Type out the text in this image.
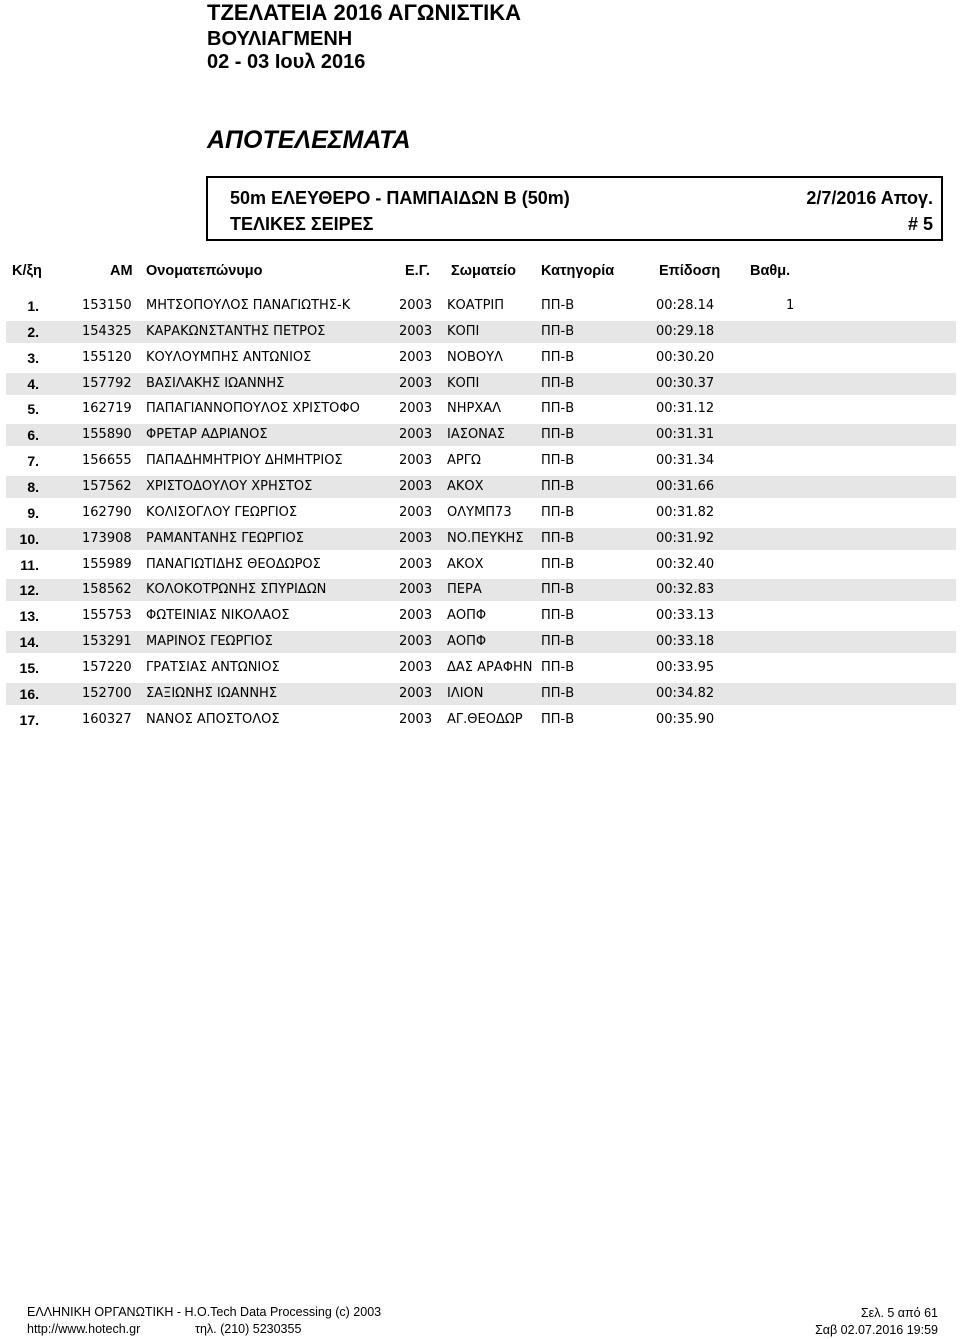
ΤΖΕΛΑΤΕΙΑ 2016 ΑΓΩΝΙΣΤΙΚΑ
ΒΟΥΛΙΑΓΜΕΝΗ
02 - 03 Ιουλ 2016
ΑΠΟΤΕΛΕΣΜΑΤΑ
50m ΕΛΕΥΘΕΡΟ - ΠΑΜΠΑΙΔΩΝ Β (50m)	2/7/2016 Απογ.
ΤΕΛΙΚΕΣ ΣΕΙΡΕΣ	# 5
Κ/ξη	ΑΜ Ονοματεπώνυμο	Ε.Γ. Σωματείο Κατηγορία	Επίδοση Βαθμ.
1.	153150 ΜΗΤΣΟΠΟΥΛΟΣ ΠΑΝΑΓΙΩΤΗΣ-Κ	2003 ΚΟΑΤΡΙΠ	ΠΠ-Β	00:28.14	1
2.	154325 ΚΑΡΑΚΩΝΣΤΑΝΤΗΣ ΠΕΤΡΟΣ	2003 ΚΟΠΙ	ΠΠ-Β	00:29.18
3.	155120 ΚΟΥΛΟΥΜΠΗΣ ΑΝΤΩΝΙΟΣ	2003 ΝΟΒΟΥΛ	ΠΠ-Β	00:30.20
4.	157792 ΒΑΣΙΛΑΚΗΣ ΙΩΑΝΝΗΣ	2003 ΚΟΠΙ	ΠΠ-Β	00:30.37
5.	162719 ΠΑΠΑΓΙΑΝΝΟΠΟΥΛΟΣ ΧΡΙΣΤΟΦΟ	2003 ΝΗΡΧΑΛ	ΠΠ-Β	00:31.12
6.	155890 ΦΡΕΤΑΡ ΑΔΡΙΑΝΟΣ	2003 ΙΑΣΟΝΑΣ	ΠΠ-Β	00:31.31
7.	156655 ΠΑΠΑΔΗΜΗΤΡΙΟΥ ΔΗΜΗΤΡΙΟΣ	2003 ΑΡΓΩ	ΠΠ-Β	00:31.34
8.	157562 ΧΡΙΣΤΟΔΟΥΛΟΥ ΧΡΗΣΤΟΣ	2003 ΑΚΟΧ	ΠΠ-Β	00:31.66
9.	162790 ΚΟΛΙΣΟΓΛΟΥ ΓΕΩΡΓΙΟΣ	2003 ΟΛΥΜΠ73 ΠΠ-Β	00:31.82
10.	173908 ΡΑΜΑΝΤΑΝΗΣ ΓΕΩΡΓΙΟΣ	2003 ΝΟ.ΠΕΥΚΗΣ ΠΠ-Β	00:31.92
11.	155989 ΠΑΝΑΓΙΩΤΙΔΗΣ ΘΕΟΔΩΡΟΣ	2003 ΑΚΟΧ	ΠΠ-Β	00:32.40
12.	158562 ΚΟΛΟΚΟΤΡΩΝΗΣ ΣΠΥΡΙΔΩΝ	2003 ΠΕΡΑ	ΠΠ-Β	00:32.83
13.	155753 ΦΩΤΕΙΝΙΑΣ ΝΙΚΟΛΑΟΣ	2003 ΑΟΠΦ	ΠΠ-Β	00:33.13
14.	153291 ΜΑΡΙΝΟΣ ΓΕΩΡΓΙΟΣ	2003 ΑΟΠΦ	ΠΠ-Β	00:33.18
15.	157220 ΓΡΑΤΣΙΑΣ ΑΝΤΩΝΙΟΣ	2003 ΔΑΣ ΑΡΑΦΗΝ ΠΠ-Β	00:33.95
16.	152700 ΣΑΞΙΩΝΗΣ ΙΩΑΝΝΗΣ	2003 ΙΛΙΟΝ	ΠΠ-Β	00:34.82
17.	160327 ΝΑΝΟΣ ΑΠΟΣΤΟΛΟΣ	2003 ΑΓ.ΘΕΟΔΩΡ ΠΠ-Β	00:35.90
ΕΛΛΗΝΙΚΗ ΟΡΓΑΝΩΤΙΚΗ - Η.Ο.Tech Data Processing (c) 2003
http://www.hotech.gr	τηλ. (210) 5230355
Σελ. 5 από 61
Σαβ 02.07.2016 19:59
